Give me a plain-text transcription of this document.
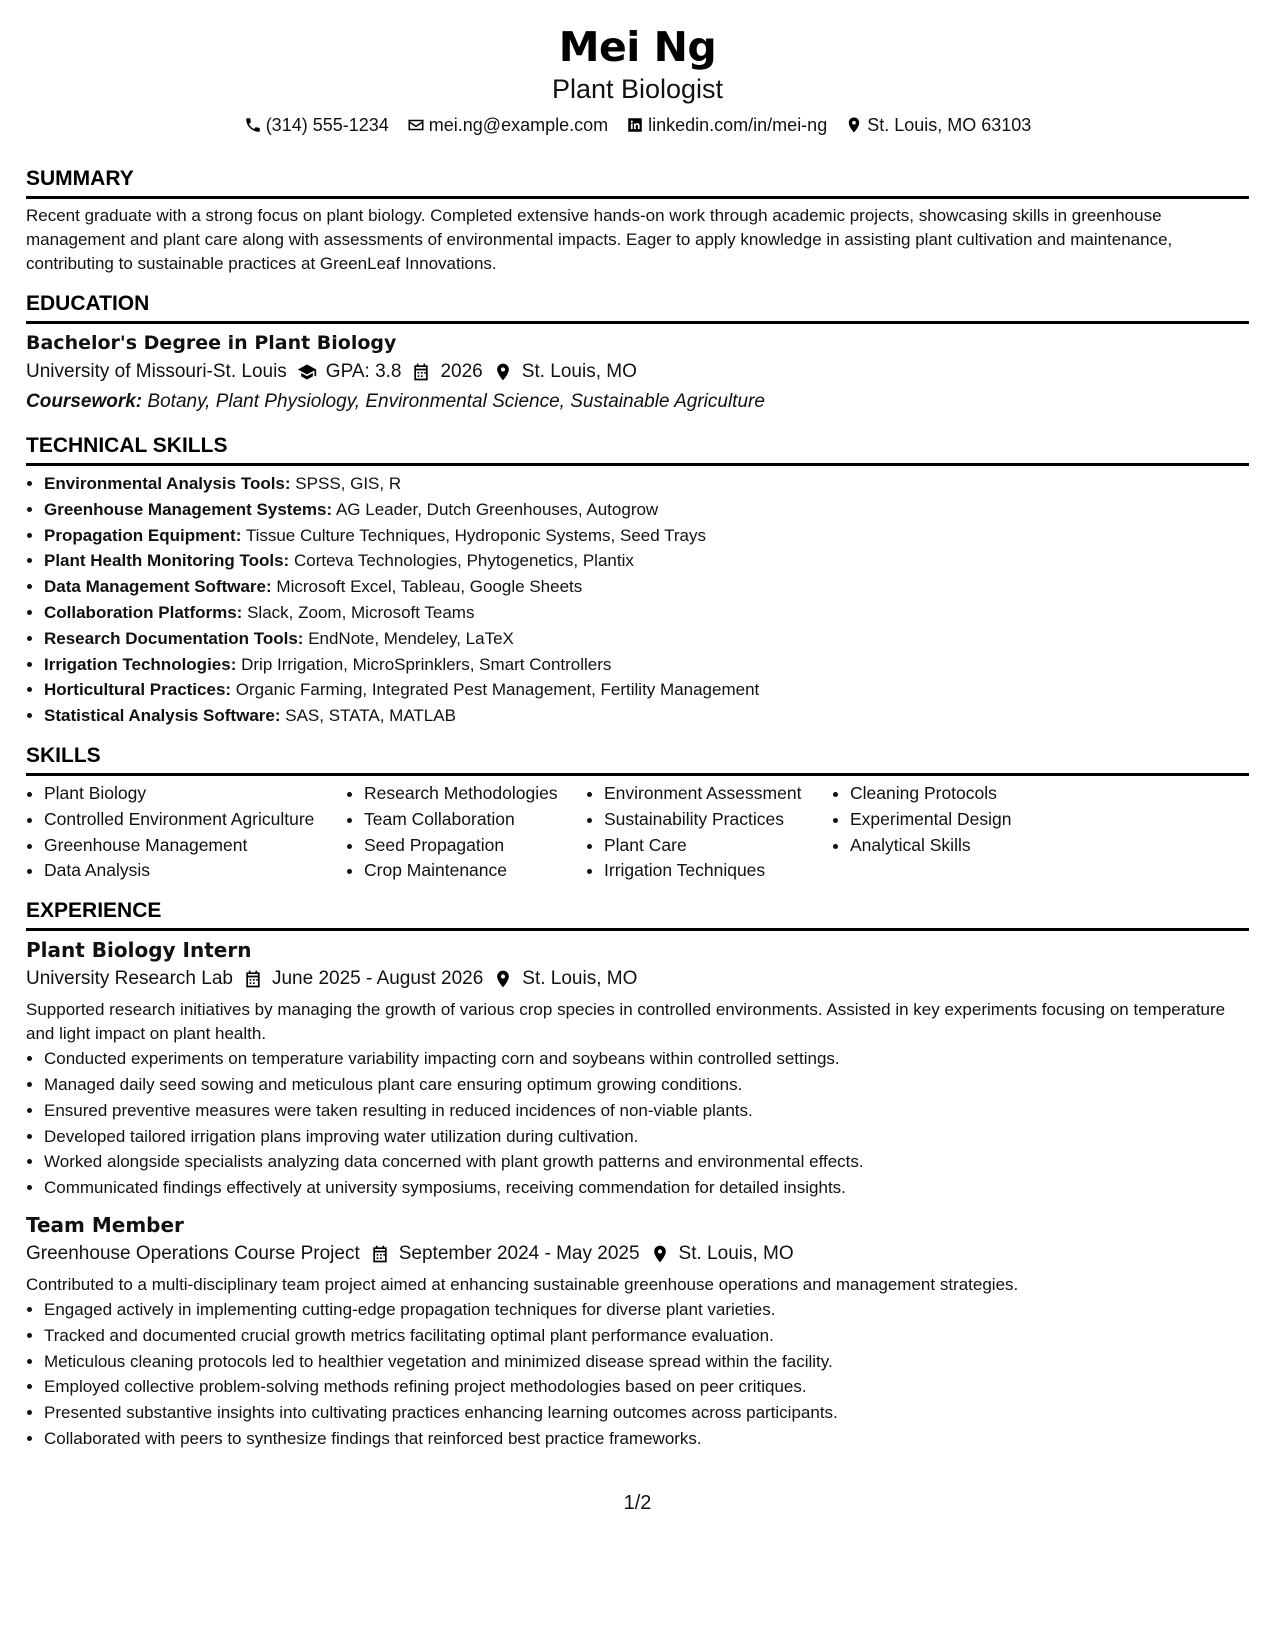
Mei Ng
Plant Biologist
(314) 555-1234 mei.ng@example.com linkedin.com/in/mei-ng St. Louis, MO 63103
SUMMARY

Recent graduate with a strong focus on plant biology. Completed extensive hands-on work through academic projects, showcasing skills in greenhouse management and plant care along with assessments of environmental impacts. Eager to apply knowledge in assisting plant cultivation and maintenance, contributing to sustainable practices at GreenLeaf Innovations.

EDUCATION
Bachelor's Degree in Plant Biology
University of Missouri-St. Louis GPA: 3.8 2026 St. Louis, MO
Coursework: Botany, Plant Physiology, Environmental Science, Sustainable Agriculture
TECHNICAL SKILLS
• Environmental Analysis Tools: SPSS, GIS, R
• Greenhouse Management Systems: AG Leader, Dutch Greenhouses, Autogrow
• Propagation Equipment: Tissue Culture Techniques, Hydroponic Systems, Seed Trays
• Plant Health Monitoring Tools: Corteva Technologies, Phytogenetics, Plantix
• Data Management Software: Microsoft Excel, Tableau, Google Sheets
• Collaboration Platforms: Slack, Zoom, Microsoft Teams
• Research Documentation Tools: EndNote, Mendeley, LaTeX
• Irrigation Technologies: Drip Irrigation, MicroSprinklers, Smart Controllers
• Horticultural Practices: Organic Farming, Integrated Pest Management, Fertility Management
• Statistical Analysis Software: SAS, STATA, MATLAB
SKILLS
• Plant Biology
• Controlled Environment Agriculture
• Greenhouse Management
• Data Analysis
• Research Methodologies
• Team Collaboration
• Seed Propagation
• Crop Maintenance
• Environment Assessment
• Sustainability Practices
• Plant Care
• Irrigation Techniques
• Cleaning Protocols
• Experimental Design
• Analytical Skills
EXPERIENCE
Plant Biology Intern
University Research Lab June 2025 - August 2026 St. Louis, MO

Supported research initiatives by managing the growth of various crop species in controlled environments. Assisted in key experiments focusing on temperature and light impact on plant health.

• Conducted experiments on temperature variability impacting corn and soybeans within controlled settings.
• Managed daily seed sowing and meticulous plant care ensuring optimum growing conditions.
• Ensured preventive measures were taken resulting in reduced incidences of non-viable plants.
• Developed tailored irrigation plans improving water utilization during cultivation.
• Worked alongside specialists analyzing data concerned with plant growth patterns and environmental effects.
• Communicated findings effectively at university symposiums, receiving commendation for detailed insights.
Team Member
Greenhouse Operations Course Project September 2024 - May 2025 St. Louis, MO

Contributed to a multi-disciplinary team project aimed at enhancing sustainable greenhouse operations and management strategies.

• Engaged actively in implementing cutting-edge propagation techniques for diverse plant varieties.
• Tracked and documented crucial growth metrics facilitating optimal plant performance evaluation.
• Meticulous cleaning protocols led to healthier vegetation and minimized disease spread within the facility.
• Employed collective problem-solving methods refining project methodologies based on peer critiques.
• Presented substantive insights into cultivating practices enhancing learning outcomes across participants.
• Collaborated with peers to synthesize findings that reinforced best practice frameworks.
1/2
